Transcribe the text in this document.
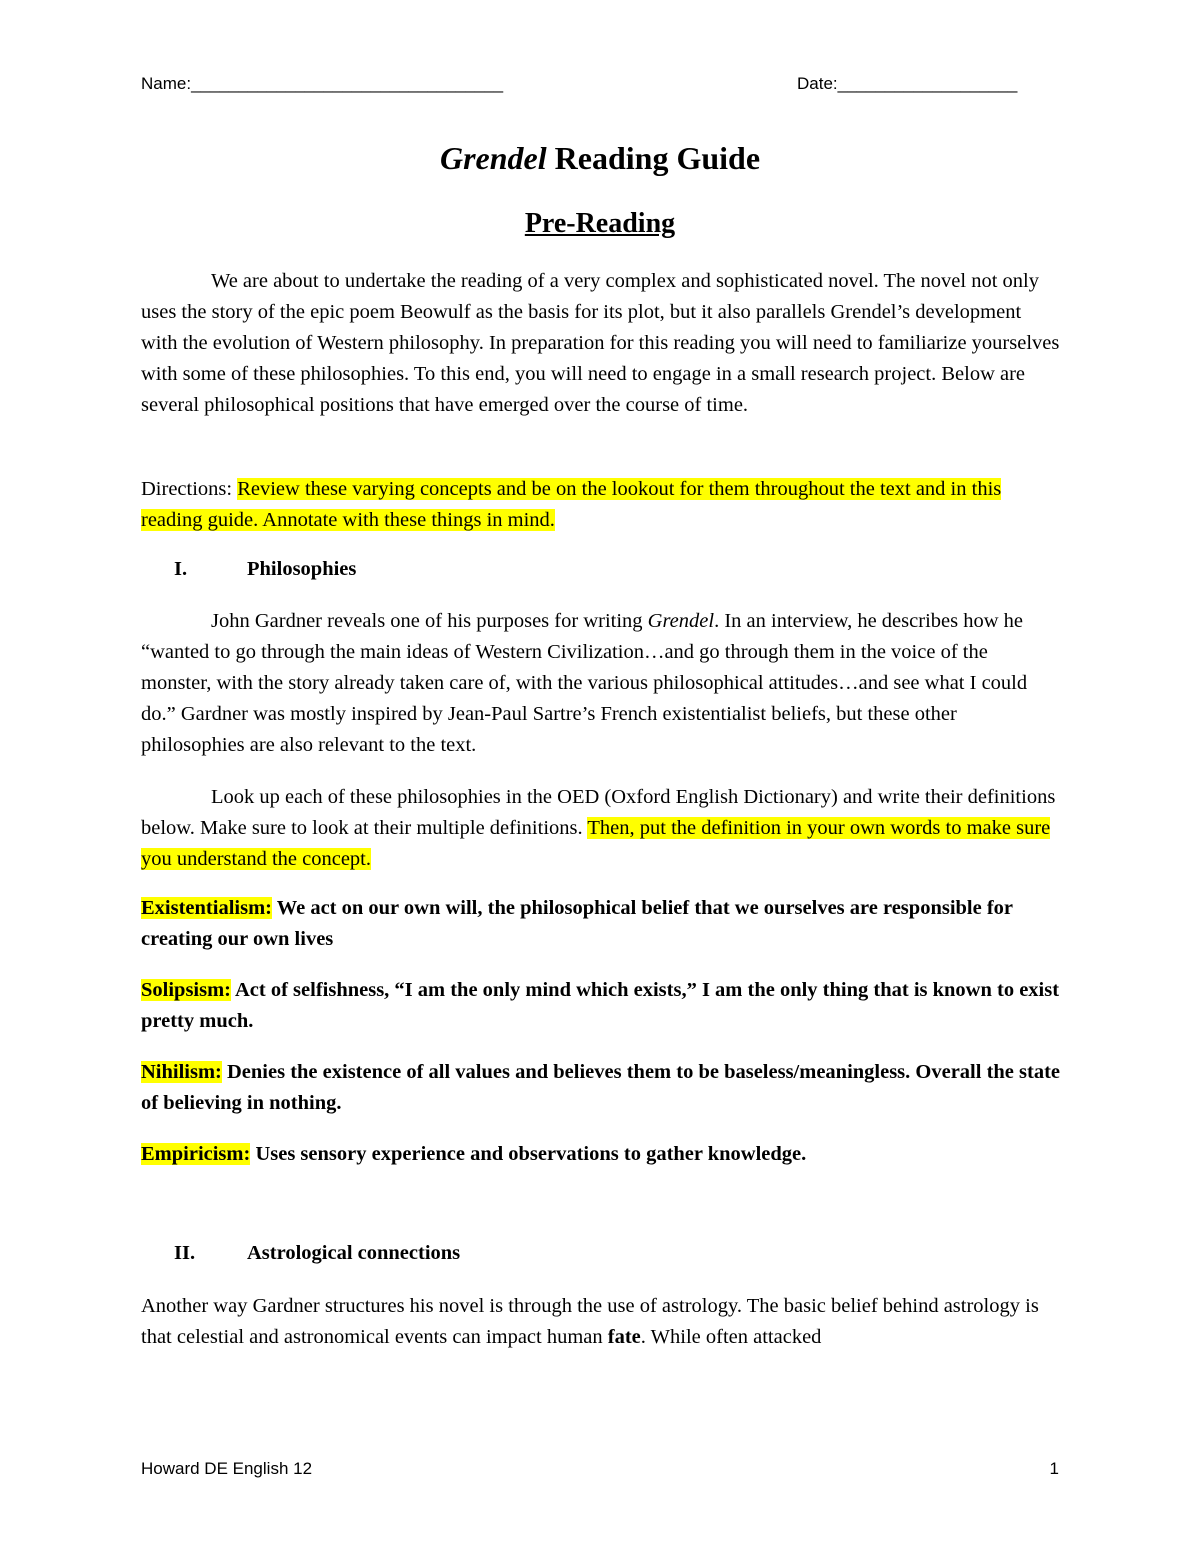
Name:_________________________________	Date:___________________
Grendel Reading Guide
Pre-Reading

We are about to undertake the reading of a very complex and sophisticated novel. The novel not only uses the story of the epic poem Beowulf as the basis for its plot, but it also parallels Grendel’s development with the evolution of Western philosophy. In preparation for this reading you will need to familiarize yourselves with some of these philosophies. To this end, you will need to engage in a small research project. Below are several philosophical positions that have emerged over the course of time.

Directions: Review these varying concepts and be on the lookout for them throughout the text and in this reading guide. Annotate with these things in mind.

I.	Philosophies

John Gardner reveals one of his purposes for writing Grendel. In an interview, he describes how he “wanted to go through the main ideas of Western Civilization…and go through them in the voice of the monster, with the story already taken care of, with the various philosophical attitudes…and see what I could do.” Gardner was mostly inspired by Jean-Paul Sartre’s French existentialist beliefs, but these other philosophies are also relevant to the text.

Look up each of these philosophies in the OED (Oxford English Dictionary) and write their definitions below. Make sure to look at their multiple definitions. Then, put the definition in your own words to make sure you understand the concept.

Existentialism: We act on our own will, the philosophical belief that we ourselves are responsible for creating our own lives

Solipsism: Act of selfishness, “I am the only mind which exists,” I am the only thing that is known to exist pretty much.

Nihilism: Denies the existence of all values and believes them to be baseless/meaningless. Overall the state of believing in nothing.

Empiricism: Uses sensory experience and observations to gather knowledge.

II.	Astrological connections

Another way Gardner structures his novel is through the use of astrology. The basic belief behind astrology is that celestial and astronomical events can impact human fate. While often attacked

Howard DE English 12	1
